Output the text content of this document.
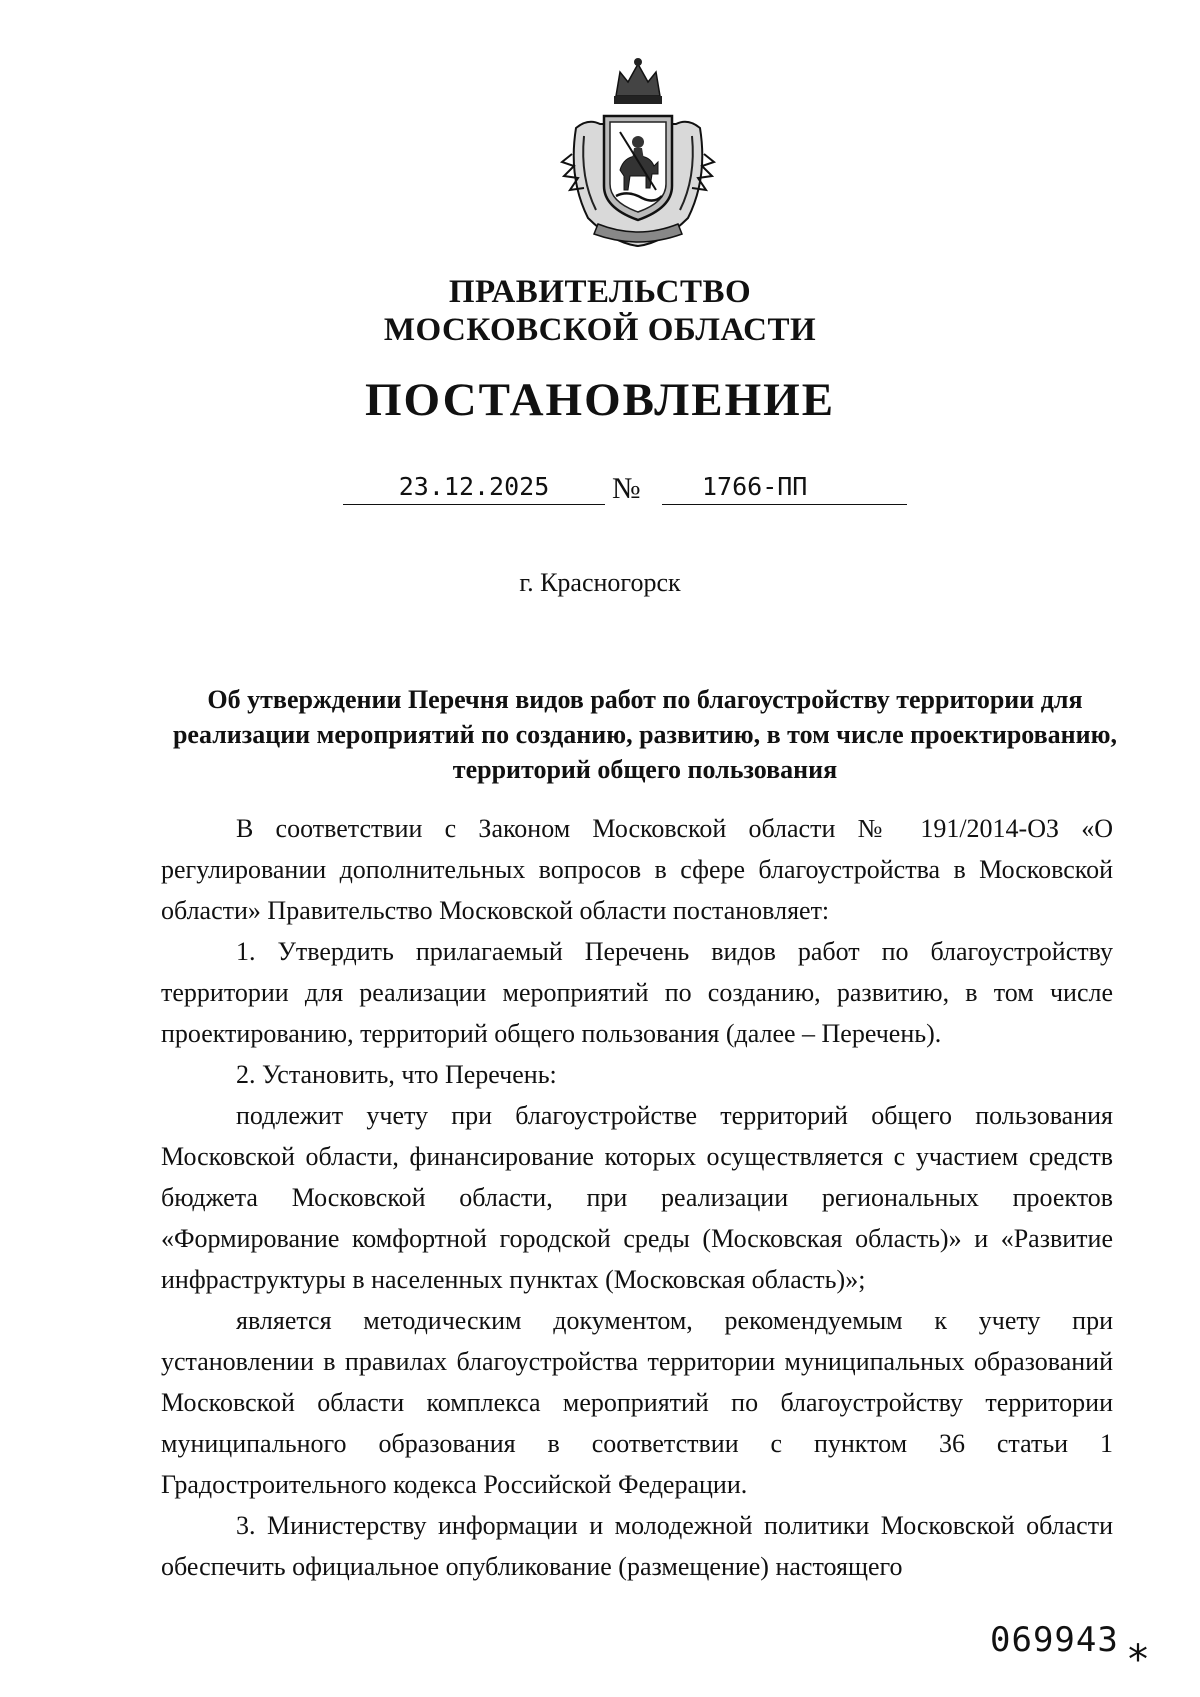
ПРАВИТЕЛЬСТВО
МОСКОВСКОЙ ОБЛАСТИ
ПОСТАНОВЛЕНИЕ
23.12.2025	№	1766-ПП
г. Красногорск
Об утверждении Перечня видов работ по благоустройству территории для реализации мероприятий по созданию, развитию, в том числе проектированию, территорий общего пользования

В соответствии с Законом Московской области № 191/2014-ОЗ «О регулировании дополнительных вопросов в сфере благоустройства в Московской области» Правительство Московской области постановляет:

1. Утвердить прилагаемый Перечень видов работ по благоустройству территории для реализации мероприятий по созданию, развитию, в том числе проектированию, территорий общего пользования (далее – Перечень).

2. Установить, что Перечень:

подлежит учету при благоустройстве территорий общего пользования Московской области, финансирование которых осуществляется с участием средств бюджета Московской области, при реализации региональных проектов «Формирование комфортной городской среды (Московская область)» и «Развитие инфраструктуры в населенных пунктах (Московская область)»;

является методическим документом, рекомендуемым к учету при установлении в правилах благоустройства территории муниципальных образований Московской области комплекса мероприятий по благоустройству территории муниципального образования в соответствии с пунктом 36 статьи 1 Градостроительного кодекса Российской Федерации.

3. Министерству информации и молодежной политики Московской области обеспечить официальное опубликование (размещение) настоящего

069943 *
